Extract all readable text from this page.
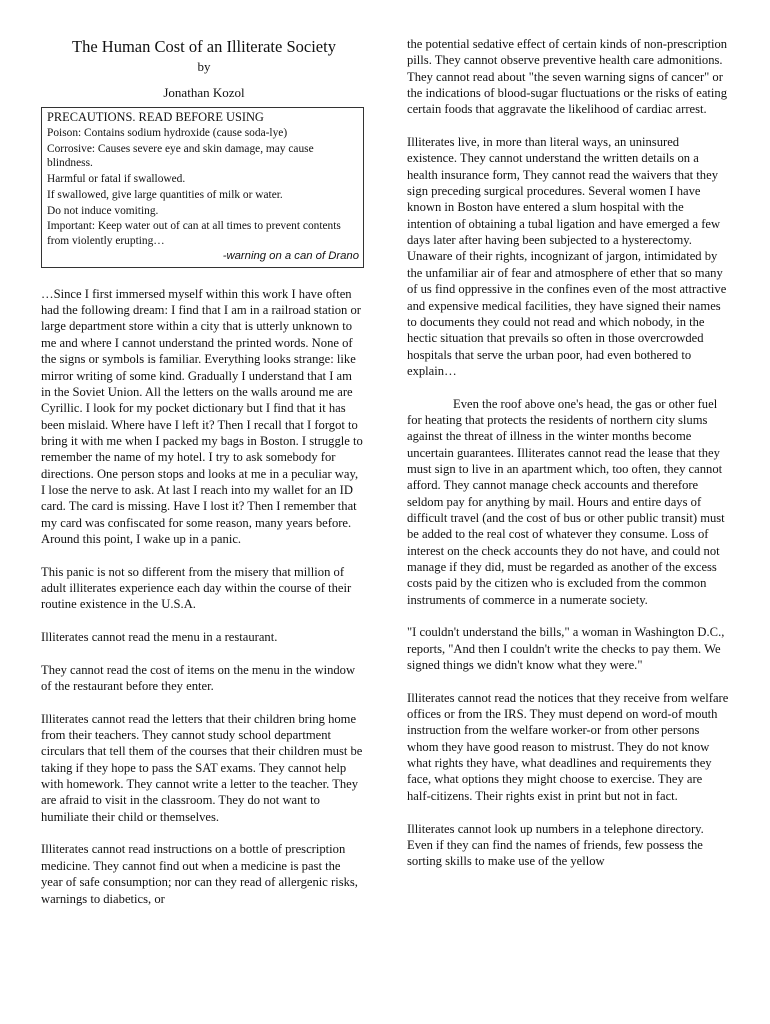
The Human Cost of an Illiterate Society
by
Jonathan Kozol
PRECAUTIONS. READ BEFORE USING
Poison: Contains sodium hydroxide (cause soda-lye)
Corrosive: Causes severe eye and skin damage, may cause blindness.
Harmful or fatal if swallowed.
If swallowed, give large quantities of milk or water.
Do not induce vomiting.
Important: Keep water out of can at all times to prevent contents from violently erupting…
-warning on a can of Drano

…Since I first immersed myself within this work I have often had the following dream: I find that I am in a railroad station or large department store within a city that is utterly unknown to me and where I cannot understand the printed words. None of the signs or symbols is familiar. Everything looks strange: like mirror writing of some kind. Gradually I understand that I am in the Soviet Union. All the letters on the walls around me are Cyrillic. I look for my pocket dictionary but I find that it has been mislaid. Where have I left it? Then I recall that I forgot to bring it with me when I packed my bags in Boston. I struggle to remember the name of my hotel. I try to ask somebody for directions. One person stops and looks at me in a peculiar way, I lose the nerve to ask. At last I reach into my wallet for an ID card. The card is missing. Have I lost it? Then I remember that my card was confiscated for some reason, many years before. Around this point, I wake up in a panic.

This panic is not so different from the misery that million of adult illiterates experience each day within the course of their routine existence in the U.S.A.

Illiterates cannot read the menu in a restaurant.

They cannot read the cost of items on the menu in the window of the restaurant before they enter.

Illiterates cannot read the letters that their children bring home from their teachers. They cannot study school department circulars that tell them of the courses that their children must be taking if they hope to pass the SAT exams. They cannot help with homework. They cannot write a letter to the teacher. They are afraid to visit in the classroom. They do not want to humiliate their child or themselves.

Illiterates cannot read instructions on a bottle of prescription medicine. They cannot find out when a medicine is past the year of safe consumption; nor can they read of allergenic risks, warnings to diabetics, or

the potential sedative effect of certain kinds of non-prescription pills. They cannot observe preventive health care admonitions. They cannot read about "the seven warning signs of cancer" or the indications of blood-sugar fluctuations or the risks of eating certain foods that aggravate the likelihood of cardiac arrest.

Illiterates live, in more than literal ways, an uninsured existence. They cannot understand the written details on a health insurance form, They cannot read the waivers that they sign preceding surgical procedures. Several women I have known in Boston have entered a slum hospital with the intention of obtaining a tubal ligation and have emerged a few days later after having been subjected to a hysterectomy. Unaware of their rights, incognizant of jargon, intimidated by the unfamiliar air of fear and atmosphere of ether that so many of us find oppressive in the confines even of the most attractive and expensive medical facilities, they have signed their names to documents they could not read and which nobody, in the hectic situation that prevails so often in those overcrowded hospitals that serve the urban poor, had even bothered to explain…

Even the roof above one's head, the gas or other fuel for heating that protects the residents of northern city slums against the threat of illness in the winter months become uncertain guarantees. Illiterates cannot read the lease that they must sign to live in an apartment which, too often, they cannot afford. They cannot manage check accounts and therefore seldom pay for anything by mail. Hours and entire days of difficult travel (and the cost of bus or other public transit) must be added to the real cost of whatever they consume. Loss of interest on the check accounts they do not have, and could not manage if they did, must be regarded as another of the excess costs paid by the citizen who is excluded from the common instruments of commerce in a numerate society.

"I couldn't understand the bills," a woman in Washington D.C., reports, "And then I couldn't write the checks to pay them. We signed things we didn't know what they were."

Illiterates cannot read the notices that they receive from welfare offices or from the IRS. They must depend on word-of mouth instruction from the welfare worker-or from other persons whom they have good reason to mistrust. They do not know what rights they have, what deadlines and requirements they face, what options they might choose to exercise. They are half-citizens. Their rights exist in print but not in fact.

Illiterates cannot look up numbers in a telephone directory. Even if they can find the names of friends, few possess the sorting skills to make use of the yellow
